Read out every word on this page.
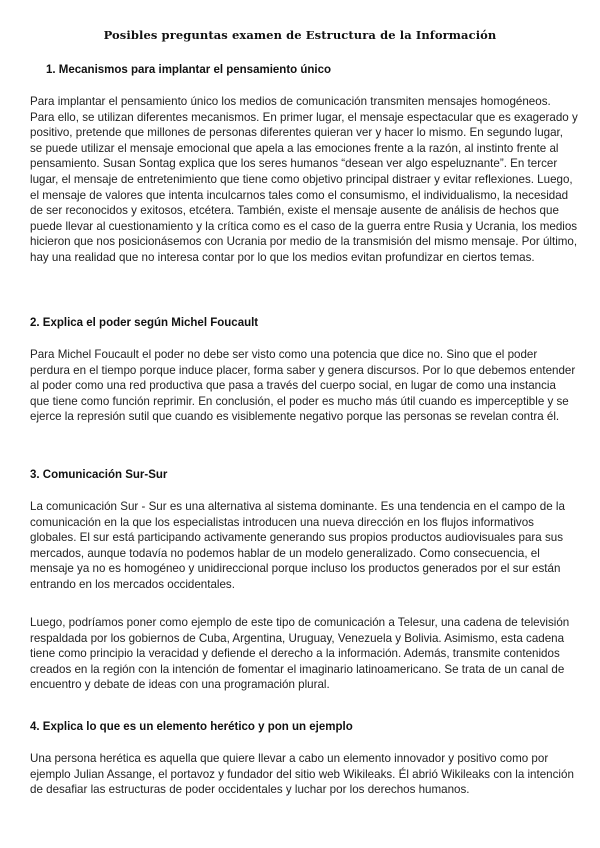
Posibles preguntas examen de Estructura de la Información
1. Mecanismos para implantar el pensamiento único

Para implantar el pensamiento único los medios de comunicación transmiten mensajes homogéneos. Para ello, se utilizan diferentes mecanismos. En primer lugar, el mensaje espectacular que es exagerado y positivo, pretende que millones de personas diferentes quieran ver y hacer lo mismo. En segundo lugar, se puede utilizar el mensaje emocional que apela a las emociones frente a la razón, al instinto frente al pensamiento. Susan Sontag explica que los seres humanos “desean ver algo espeluznante”. En tercer lugar, el mensaje de entretenimiento que tiene como objetivo principal distraer y evitar reflexiones. Luego, el mensaje de valores que intenta inculcarnos tales como el consumismo, el individualismo, la necesidad de ser reconocidos y exitosos, etcétera. También, existe el mensaje ausente de análisis de hechos que puede llevar al cuestionamiento y la crítica como es el caso de la guerra entre Rusia y Ucrania, los medios hicieron que nos posicionásemos con Ucrania por medio de la transmisión del mismo mensaje. Por último, hay una realidad que no interesa contar por lo que los medios evitan profundizar en ciertos temas.

2. Explica el poder según Michel Foucault

Para Michel Foucault el poder no debe ser visto como una potencia que dice no. Sino que el poder perdura en el tiempo porque induce placer, forma saber y genera discursos. Por lo que debemos entender al poder como una red productiva que pasa a través del cuerpo social, en lugar de como una instancia que tiene como función reprimir. En conclusión, el poder es mucho más útil cuando es imperceptible y se ejerce la represión sutil que cuando es visiblemente negativo porque las personas se revelan contra él.

3. Comunicación Sur-Sur

La comunicación Sur - Sur es una alternativa al sistema dominante. Es una tendencia en el campo de la comunicación en la que los especialistas introducen una nueva dirección en los flujos informativos globales. El sur está participando activamente generando sus propios productos audiovisuales para sus mercados, aunque todavía no podemos hablar de un modelo generalizado. Como consecuencia, el mensaje ya no es homogéneo y unidireccional porque incluso los productos generados por el sur están entrando en los mercados occidentales.

Luego, podríamos poner como ejemplo de este tipo de comunicación a Telesur, una cadena de televisión respaldada por los gobiernos de Cuba, Argentina, Uruguay, Venezuela y Bolivia. Asimismo, esta cadena tiene como principio la veracidad y defiende el derecho a la información. Además, transmite contenidos creados en la región con la intención de fomentar el imaginario latinoamericano. Se trata de un canal de encuentro y debate de ideas con una programación plural.

4. Explica lo que es un elemento herético y pon un ejemplo

Una persona herética es aquella que quiere llevar a cabo un elemento innovador y positivo como por ejemplo Julian Assange, el portavoz y fundador del sitio web Wikileaks. Él abrió Wikileaks con la intención de desafiar las estructuras de poder occidentales y luchar por los derechos humanos.
